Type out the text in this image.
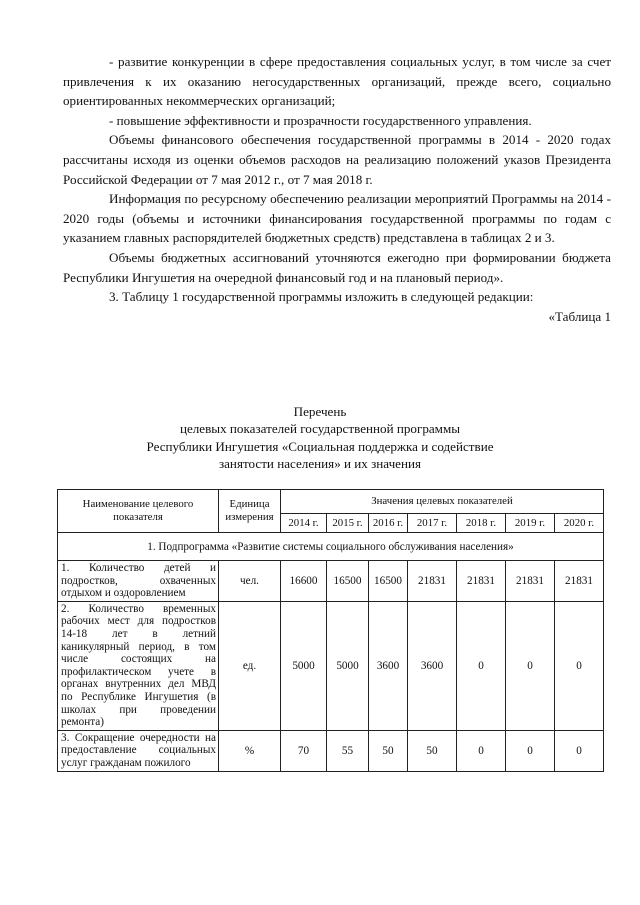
- развитие конкуренции в сфере предоставления социальных услуг, в том числе за счет привлечения к их оказанию негосударственных организаций, прежде всего, социально ориентированных некоммерческих организаций;

- повышение эффективности и прозрачности государственного управления.

Объемы финансового обеспечения государственной программы в 2014 - 2020 годах рассчитаны исходя из оценки объемов расходов на реализацию положений указов Президента Российской Федерации от 7 мая 2012 г., от 7 мая 2018 г.

Информация по ресурсному обеспечению реализации мероприятий Программы на 2014 - 2020 годы (объемы и источники финансирования государственной программы по годам с указанием главных распорядителей бюджетных средств) представлена в таблицах 2 и 3.

Объемы бюджетных ассигнований уточняются ежегодно при формировании бюджета Республики Ингушетия на очередной финансовый год и на плановый период».

3. Таблицу 1 государственной программы изложить в следующей редакции:

«Таблица 1

Перечень
целевых показателей государственной программы
Республики Ингушетия «Социальная поддержка и содействие
занятости населения» и их значения
Наименование целевого показателя	Единица измерения	Значения целевых показателей						
		2014 г.	2015 г.	2016 г.	2017 г.	2018 г.	2019 г.	2020 г.
1. Подпрограмма «Развитие системы социального обслуживания населения»								
1. Количество детей и подростков, охваченных отдыхом и оздоровлением	чел.	16600	16500	16500	21831	21831	21831	21831
2. Количество временных рабочих мест для подростков 14-18 лет в летний каникулярный период, в том числе состоящих на профилактическом учете в органах внутренних дел МВД по Республике Ингушетия (в школах при проведении ремонта)	ед.	5000	5000	3600	3600	0	0	0
3. Сокращение очередности на предоставление социальных услуг гражданам пожилого	%	70	55	50	50	0	0	0
